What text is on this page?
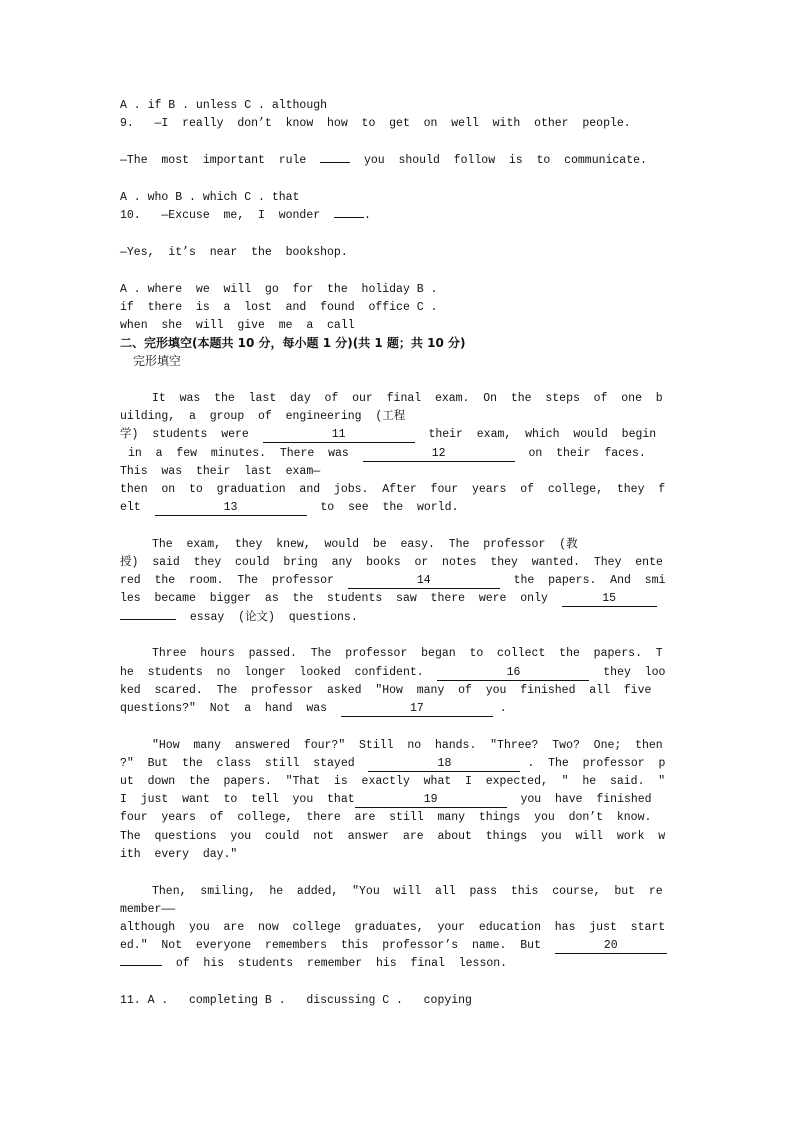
A . if B . unless C . although
9.   —I  really  don’t  know  how  to  get  on  well  with  other  people.
—The  most  important  rule	you  should  follow  is  to  communicate.
A . who B . which C . that
10.   —Excuse  me,  I  wonder	.
—Yes,  it’s  near  the  bookshop.
A . where  we  will  go  for  the  holiday B .
if  there  is  a  lost  and  found  office C .
when  she  will  give  me  a  call
二、完形填空(本题共 10 分，每小题 1 分)(共 1 题；共 10 分)
完形填空
It  was  the  last  day  of  our  final  exam.  On  the  steps  of  one  b
uilding,  a  group  of  engineering  (工程
学)  students  were	11	their  exam,  which  would  begin
in  a  few  minutes.  There  was	12	on  their  faces.
This  was  their  last  exam—
then  on  to  graduation  and  jobs.  After  four  years  of  college,  they  f
elt	13	to  see  the  world.
The  exam,  they  knew,  would  be  easy.  The  professor  (教
授)  said  they  could  bring  any  books  or  notes  they  wanted.  They  ente
red  the  room.  The  professor	14	the  papers.  And  smi
les  became  bigger  as  the  students  saw  there  were  only	15
essay  (论文)  questions.
Three  hours  passed.  The  professor  began  to  collect  the  papers.  T
he  students  no  longer  looked  confident.	16	they  loo
ked  scared.  The  professor  asked  "How  many  of  you  finished  all  five
questions?"  Not  a  hand  was	17	.
"How  many  answered  four?"  Still  no  hands.  "Three?  Two?  One;  then
?"  But  the  class  still  stayed	18	.  The  professor  p
ut  down  the  papers.  "That  is  exactly  what  I  expected,  "  he  said.  "
I  just  want  to  tell  you  that	19	you  have  finished
four  years  of  college,  there  are  still  many  things  you  don’t  know.
The  questions  you  could  not  answer  are  about  things  you  will  work  w
ith  every  day."
Then,  smiling,  he  added,  "You  will  all  pass  this  course,  but  re
member——
although  you  are  now  college  graduates,  your  education  has  just  start
ed."  Not  everyone  remembers  this  professor’s  name.  But	20
of  his  students  remember  his  final  lesson.
11. A .   completing B .   discussing C .   copying
